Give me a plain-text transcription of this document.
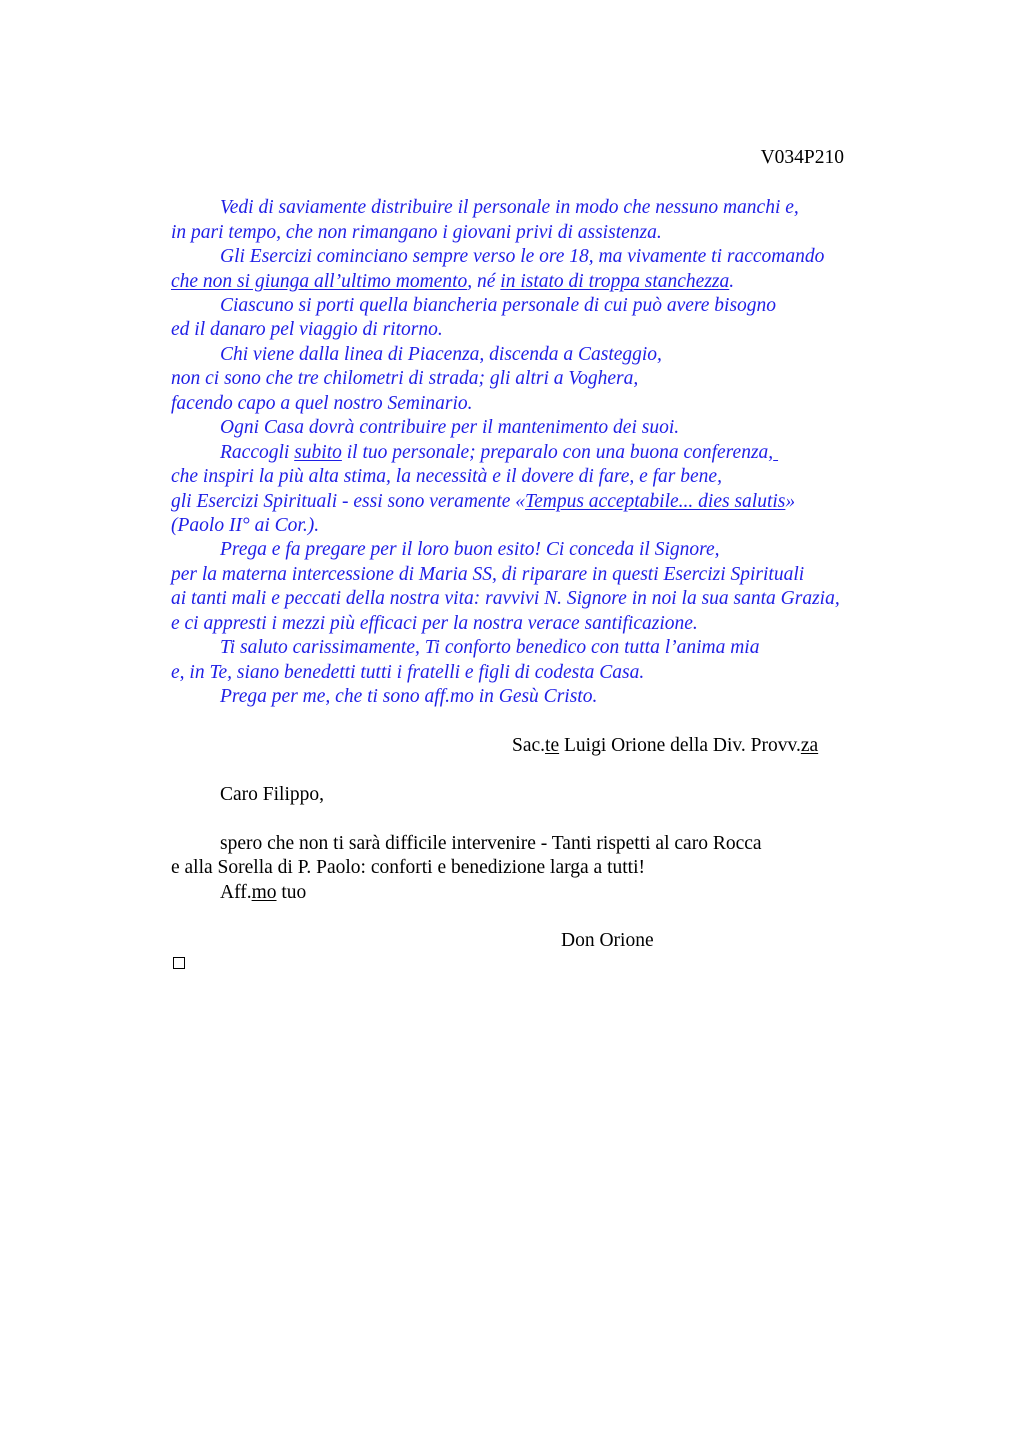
V034P210
Vedi di saviamente distribuire il personale in modo che nessuno manchi e,
in pari tempo, che non rimangano i giovani privi di assistenza.
Gli Esercizi cominciano sempre verso le ore 18, ma vivamente ti raccomando
che non si giunga all’ultimo momento, né in istato di troppa stanchezza.
Ciascuno si porti quella biancheria personale di cui può avere bisogno
ed il danaro pel viaggio di ritorno.
Chi viene dalla linea di Piacenza, discenda a Casteggio,
non ci sono che tre chilometri di strada; gli altri a Voghera,
facendo capo a quel nostro Seminario.
Ogni Casa dovrà contribuire per il mantenimento dei suoi.
Raccogli subito il tuo personale; preparalo con una buona conferenza,
che inspiri la più alta stima, la necessità e il dovere di fare, e far bene,
gli Esercizi Spirituali - essi sono veramente «Tempus acceptabile... dies salutis»
(Paolo II° ai Cor.).
Prega e fa pregare per il loro buon esito! Ci conceda il Signore,
per la materna intercessione di Maria SS, di riparare in questi Esercizi Spirituali
ai tanti mali e peccati della nostra vita: ravvivi N. Signore in noi la sua santa Grazia,
e ci appresti i mezzi più efficaci per la nostra verace santificazione.
Ti saluto carissimamente, Ti conforto benedico con tutta l’anima mia
e, in Te, siano benedetti tutti i fratelli e figli di codesta Casa.
Prega per me, che ti sono aff.mo in Gesù Cristo.
Sac.te Luigi Orione della Div. Provv.za
Caro Filippo,
spero che non ti sarà difficile intervenire - Tanti rispetti al caro Rocca
e alla Sorella di P. Paolo: conforti e benedizione larga a tutti!
Aff.mo tuo
Don Orione
